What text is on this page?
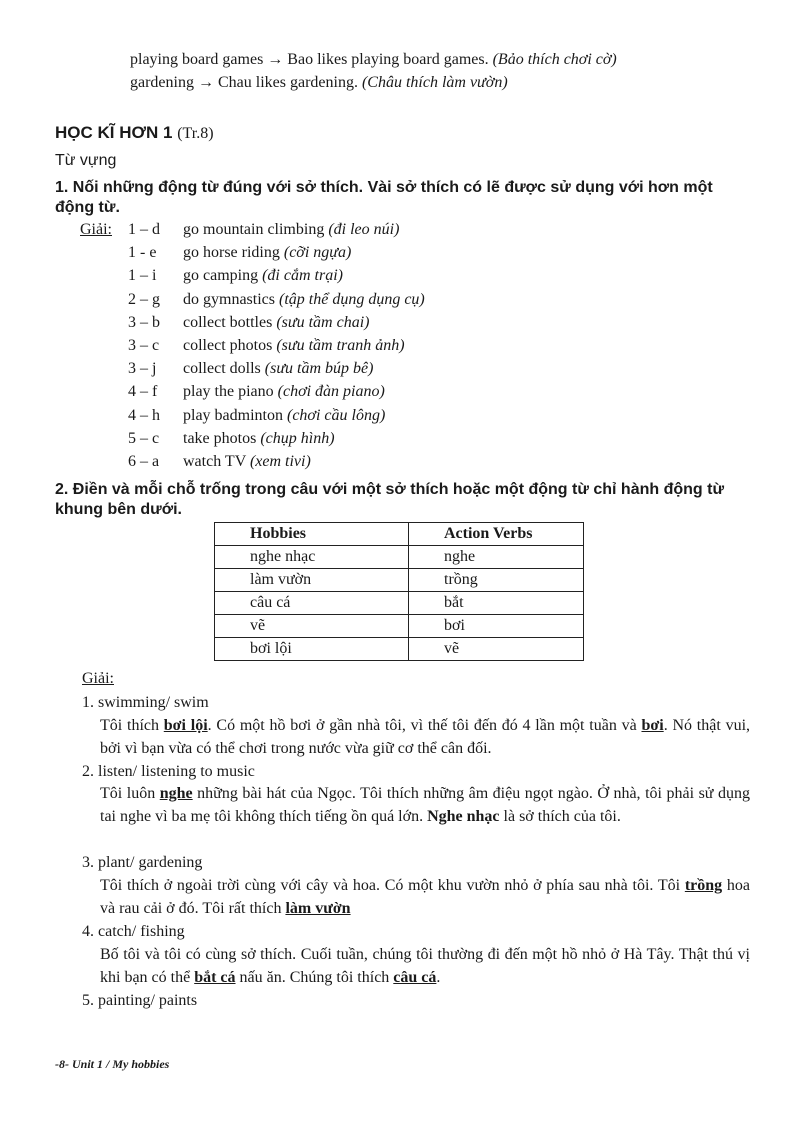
playing board games → Bao likes playing board games. (Bảo thích chơi cờ)
gardening → Chau likes gardening. (Châu thích làm vườn)
HỌC KĨ HƠN 1 (Tr.8)
Từ vựng
1. Nối những động từ đúng với sở thích. Vài sở thích có lẽ được sử dụng với hơn một động từ.
Giải: 1 – d	go mountain climbing (đi leo núi)
1 - e	go horse riding (cỡi ngựa)
1 – i	go camping (đi cắm trại)
2 – g	do gymnastics (tập thể dụng dụng cụ)
3 – b	collect bottles (sưu tầm chai)
3 – c	collect photos (sưu tầm tranh ảnh)
3 – j	collect dolls (sưu tầm búp bê)
4 – f	play the piano (chơi đàn piano)
4 – h	play badminton (chơi cầu lông)
5 – c	take photos (chụp hình)
6 – a	watch TV (xem tivi)
2. Điền và mỗi chỗ trống trong câu với một sở thích hoặc một động từ chỉ hành động từ khung bên dưới.
Hobbies	Action Verbs
nghe nhạc	nghe
làm vườn	trồng
câu cá	bắt
vẽ	bơi
bơi lội	vẽ
Giải:
1. swimming/ swim
Tôi thích bơi lội. Có một hồ bơi ở gần nhà tôi, vì thế tôi đến đó 4 lần một tuần và bơi. Nó thật vui, bởi vì bạn vừa có thể chơi trong nước vừa giữ cơ thể cân đối.
2. listen/ listening to music
Tôi luôn nghe những bài hát của Ngọc. Tôi thích những âm điệu ngọt ngào. Ở nhà, tôi phải sử dụng tai nghe vì ba mẹ tôi không thích tiếng ồn quá lớn. Nghe nhạc là sở thích của tôi.
3. plant/ gardening
Tôi thích ở ngoài trời cùng với cây và hoa. Có một khu vườn nhỏ ở phía sau nhà tôi. Tôi trồng hoa và rau cải ở đó. Tôi rất thích làm vườn
4. catch/ fishing
Bố tôi và tôi có cùng sở thích. Cuối tuần, chúng tôi thường đi đến một hồ nhỏ ở Hà Tây. Thật thú vị khi bạn có thể bắt cá nấu ăn. Chúng tôi thích câu cá.
5. painting/ paints
-8- Unit 1 / My hobbies
